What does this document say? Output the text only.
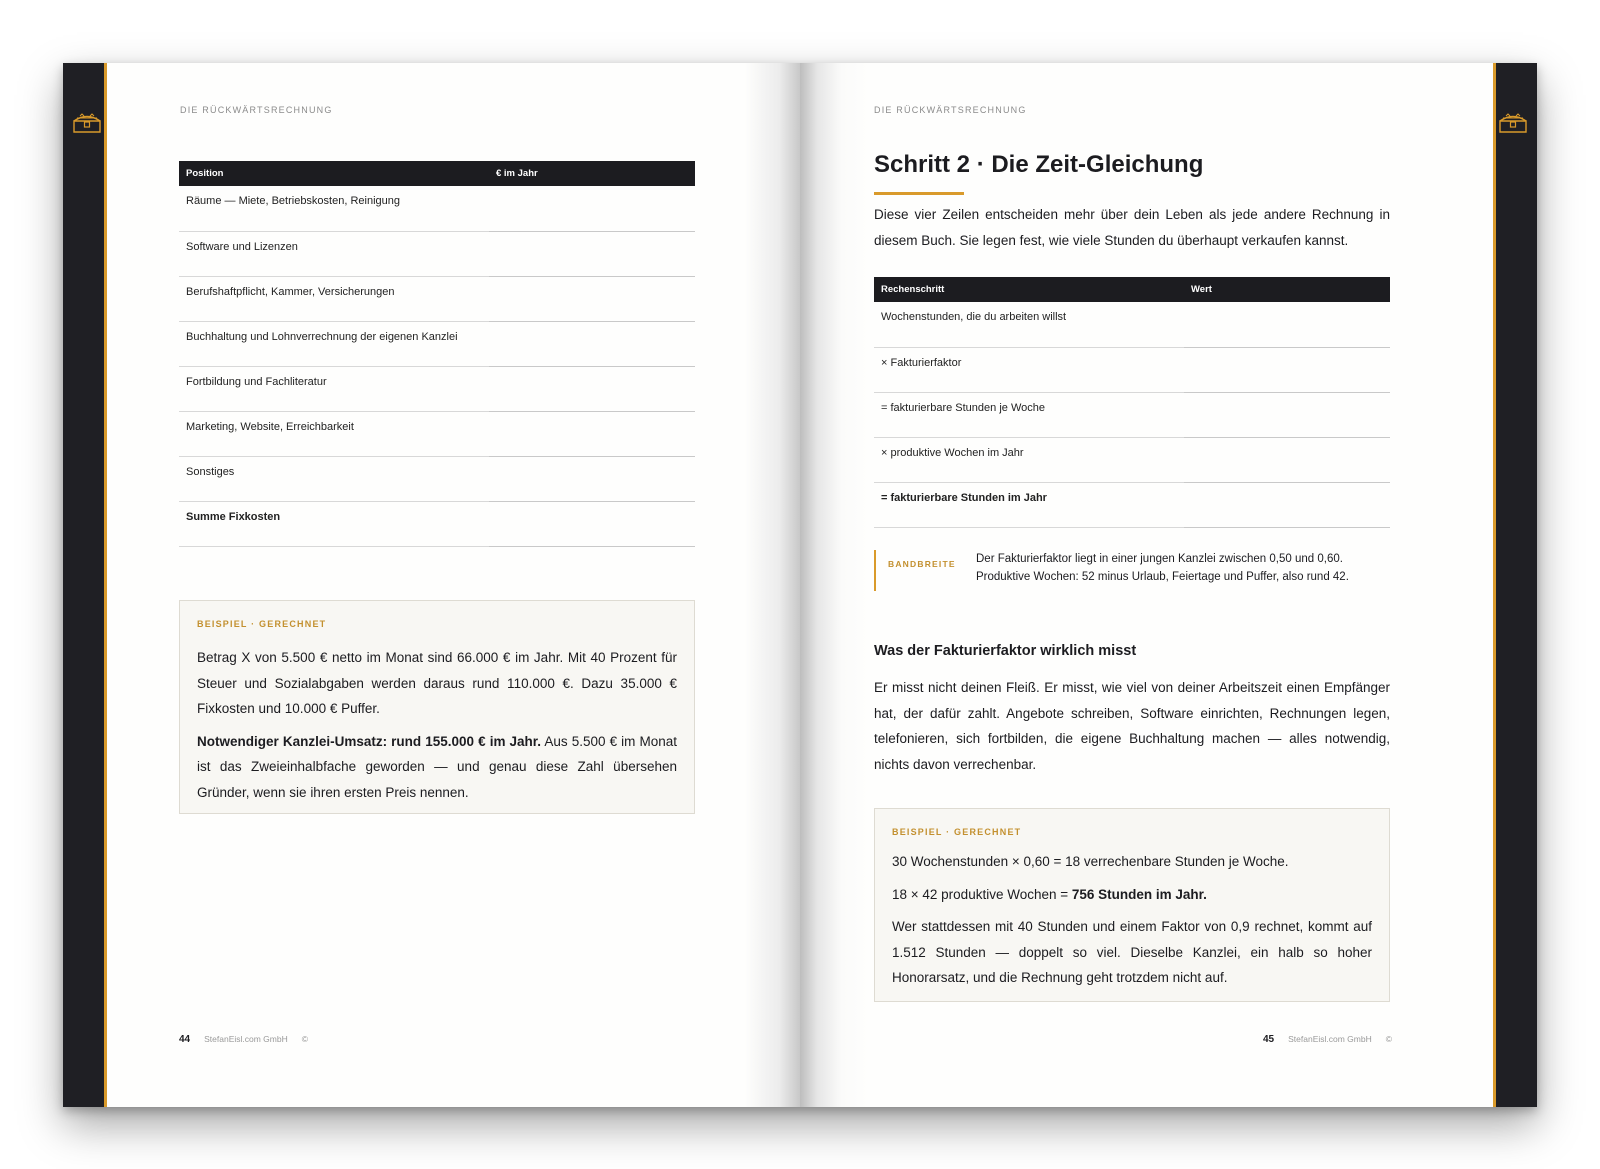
DIE RÜCKWÄRTSRECHNUNG
Position	€ im Jahr
Räume — Miete, Betriebskosten, Reinigung	
Software und Lizenzen	
Berufshaftpflicht, Kammer, Versicherungen	
Buchhaltung und Lohnverrechnung der eigenen Kanzlei	
Fortbildung und Fachliteratur	
Marketing, Website, Erreichbarkeit	
Sonstiges	
Summe Fixkosten	
BEISPIEL · GERECHNET

Betrag X von 5.500 € netto im Monat sind 66.000 € im Jahr. Mit 40 Prozent für Steuer und Sozialabgaben werden daraus rund 110.000 €. Dazu 35.000 € Fixkosten und 10.000 € Puffer.

Notwendiger Kanzlei-Umsatz: rund 155.000 € im Jahr. Aus 5.500 € im Monat ist das Zweieinhalbfache geworden — und genau diese Zahl übersehen Gründer, wenn sie ihren ersten Preis nennen.

44 StefanEisl.com GmbH ©
DIE RÜCKWÄRTSRECHNUNG
Schritt 2 · Die Zeit-Gleichung

Diese vier Zeilen entscheiden mehr über dein Leben als jede andere Rechnung in diesem Buch. Sie legen fest, wie viele Stunden du überhaupt verkaufen kannst.

Rechenschritt	Wert
Wochenstunden, die du arbeiten willst	
× Fakturierfaktor	
= fakturierbare Stunden je Woche	
× produktive Wochen im Jahr	
= fakturierbare Stunden im Jahr	
BANDBREITE Der Fakturierfaktor liegt in einer jungen Kanzlei zwischen 0,50 und 0,60.
Produktive Wochen: 52 minus Urlaub, Feiertage und Puffer, also rund 42.
Was der Fakturierfaktor wirklich misst

Er misst nicht deinen Fleiß. Er misst, wie viel von deiner Arbeitszeit einen Empfänger hat, der dafür zahlt. Angebote schreiben, Software einrichten, Rechnungen legen, telefonieren, sich fortbilden, die eigene Buchhaltung machen — alles notwendig, nichts davon verrechenbar.

BEISPIEL · GERECHNET

30 Wochenstunden × 0,60 = 18 verrechenbare Stunden je Woche.

18 × 42 produktive Wochen = 756 Stunden im Jahr.

Wer stattdessen mit 40 Stunden und einem Faktor von 0,9 rechnet, kommt auf 1.512 Stunden — doppelt so viel. Dieselbe Kanzlei, ein halb so hoher Honorarsatz, und die Rechnung geht trotzdem nicht auf.

45 StefanEisl.com GmbH ©
